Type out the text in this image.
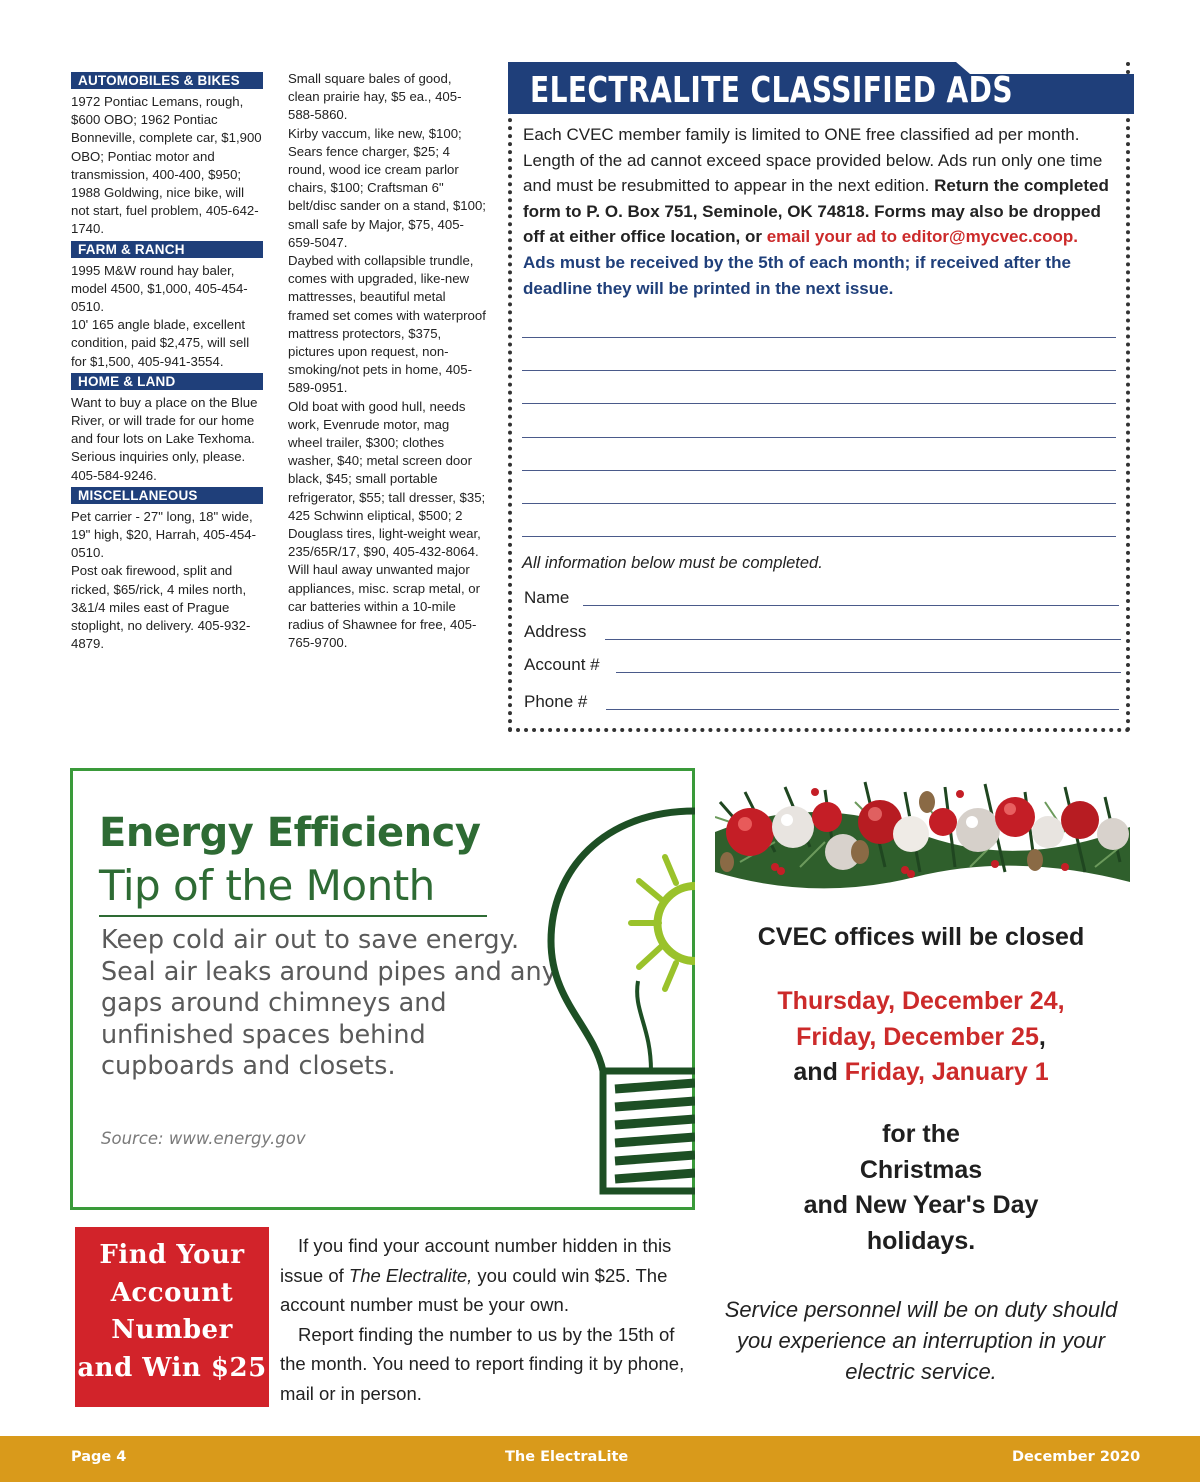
AUTOMOBILES & BIKES

1972 Pontiac Lemans, rough, $600 OBO; 1962 Pontiac Bonneville, complete car, $1,900 OBO; Pontiac motor and transmission, 400-400, $950; 1988 Goldwing, nice bike, will not start, fuel problem, 405-642-1740.

FARM & RANCH

1995 M&W round hay baler, model 4500, $1,000, 405-454-0510.

10' 165 angle blade, excellent condition, paid $2,475, will sell for $1,500, 405-941-3554.

HOME & LAND

Want to buy a place on the Blue River, or will trade for our home and four lots on Lake Texhoma. Serious inquiries only, please. 405-584-9246.

MISCELLANEOUS

Pet carrier - 27" long, 18" wide, 19" high, $20, Harrah, 405-454-0510.

Post oak firewood, split and ricked, $65/rick, 4 miles north, 3&1/4 miles east of Prague stoplight, no delivery. 405-932-4879.

Small square bales of good, clean prairie hay, $5 ea., 405-588-5860.

Kirby vaccum, like new, $100; Sears fence charger, $25; 4 round, wood ice cream parlor chairs, $100; Craftsman 6" belt/disc sander on a stand, $100; small safe by Major, $75, 405-659-5047.

Daybed with collapsible trundle, comes with upgraded, like-new mattresses, beautiful metal framed set comes with waterproof mattress protectors, $375, pictures upon request, non-smoking/not pets in home, 405-589-0951.

Old boat with good hull, needs work, Evenrude motor, mag wheel trailer, $300; clothes washer, $40; metal screen door black, $45; small portable refrigerator, $55; tall dresser, $35; 425 Schwinn eliptical, $500; 2 Douglass tires, light-weight wear, 235/65R/17, $90, 405-432-8064.

Will haul away unwanted major appliances, misc. scrap metal, or car batteries within a 10-mile radius of Shawnee for free, 405-765-9700.

ELECTRALITE CLASSIFIED ADS
Each CVEC member family is limited to ONE free classified ad per month. Length of the ad cannot exceed space provided below. Ads run only one time and must be resubmitted to appear in the next edition. Return the completed form to P. O. Box 751, Seminole, OK 74818. Forms may also be dropped off at either office location, or email your ad to editor@mycvec.coop. Ads must be received by the 5th of each month; if received after the deadline they will be printed in the next issue.
All information below must be completed.
Name
Address
Account #
Phone #
Energy Efficiency
Tip of the Month
Keep cold air out to save energy. Seal air leaks around pipes and any gaps around chimneys and unfinished spaces behind cupboards and closets.
Source: www.energy.gov
Find Your
Account
Number
and Win $25

If you find your account number hidden in this issue of The Electralite, you could win $25. The account number must be your own.

Report finding the number to us by the 15th of the month. You need to report finding it by phone, mail or in person.

CVEC offices will be closed
Thursday, December 24,
Friday, December 25,
and Friday, January 1
for the
Christmas
and New Year's Day
holidays.
Service personnel will be on duty should you experience an interruption in your electric service.
Page 4	The ElectraLite	December 2020
